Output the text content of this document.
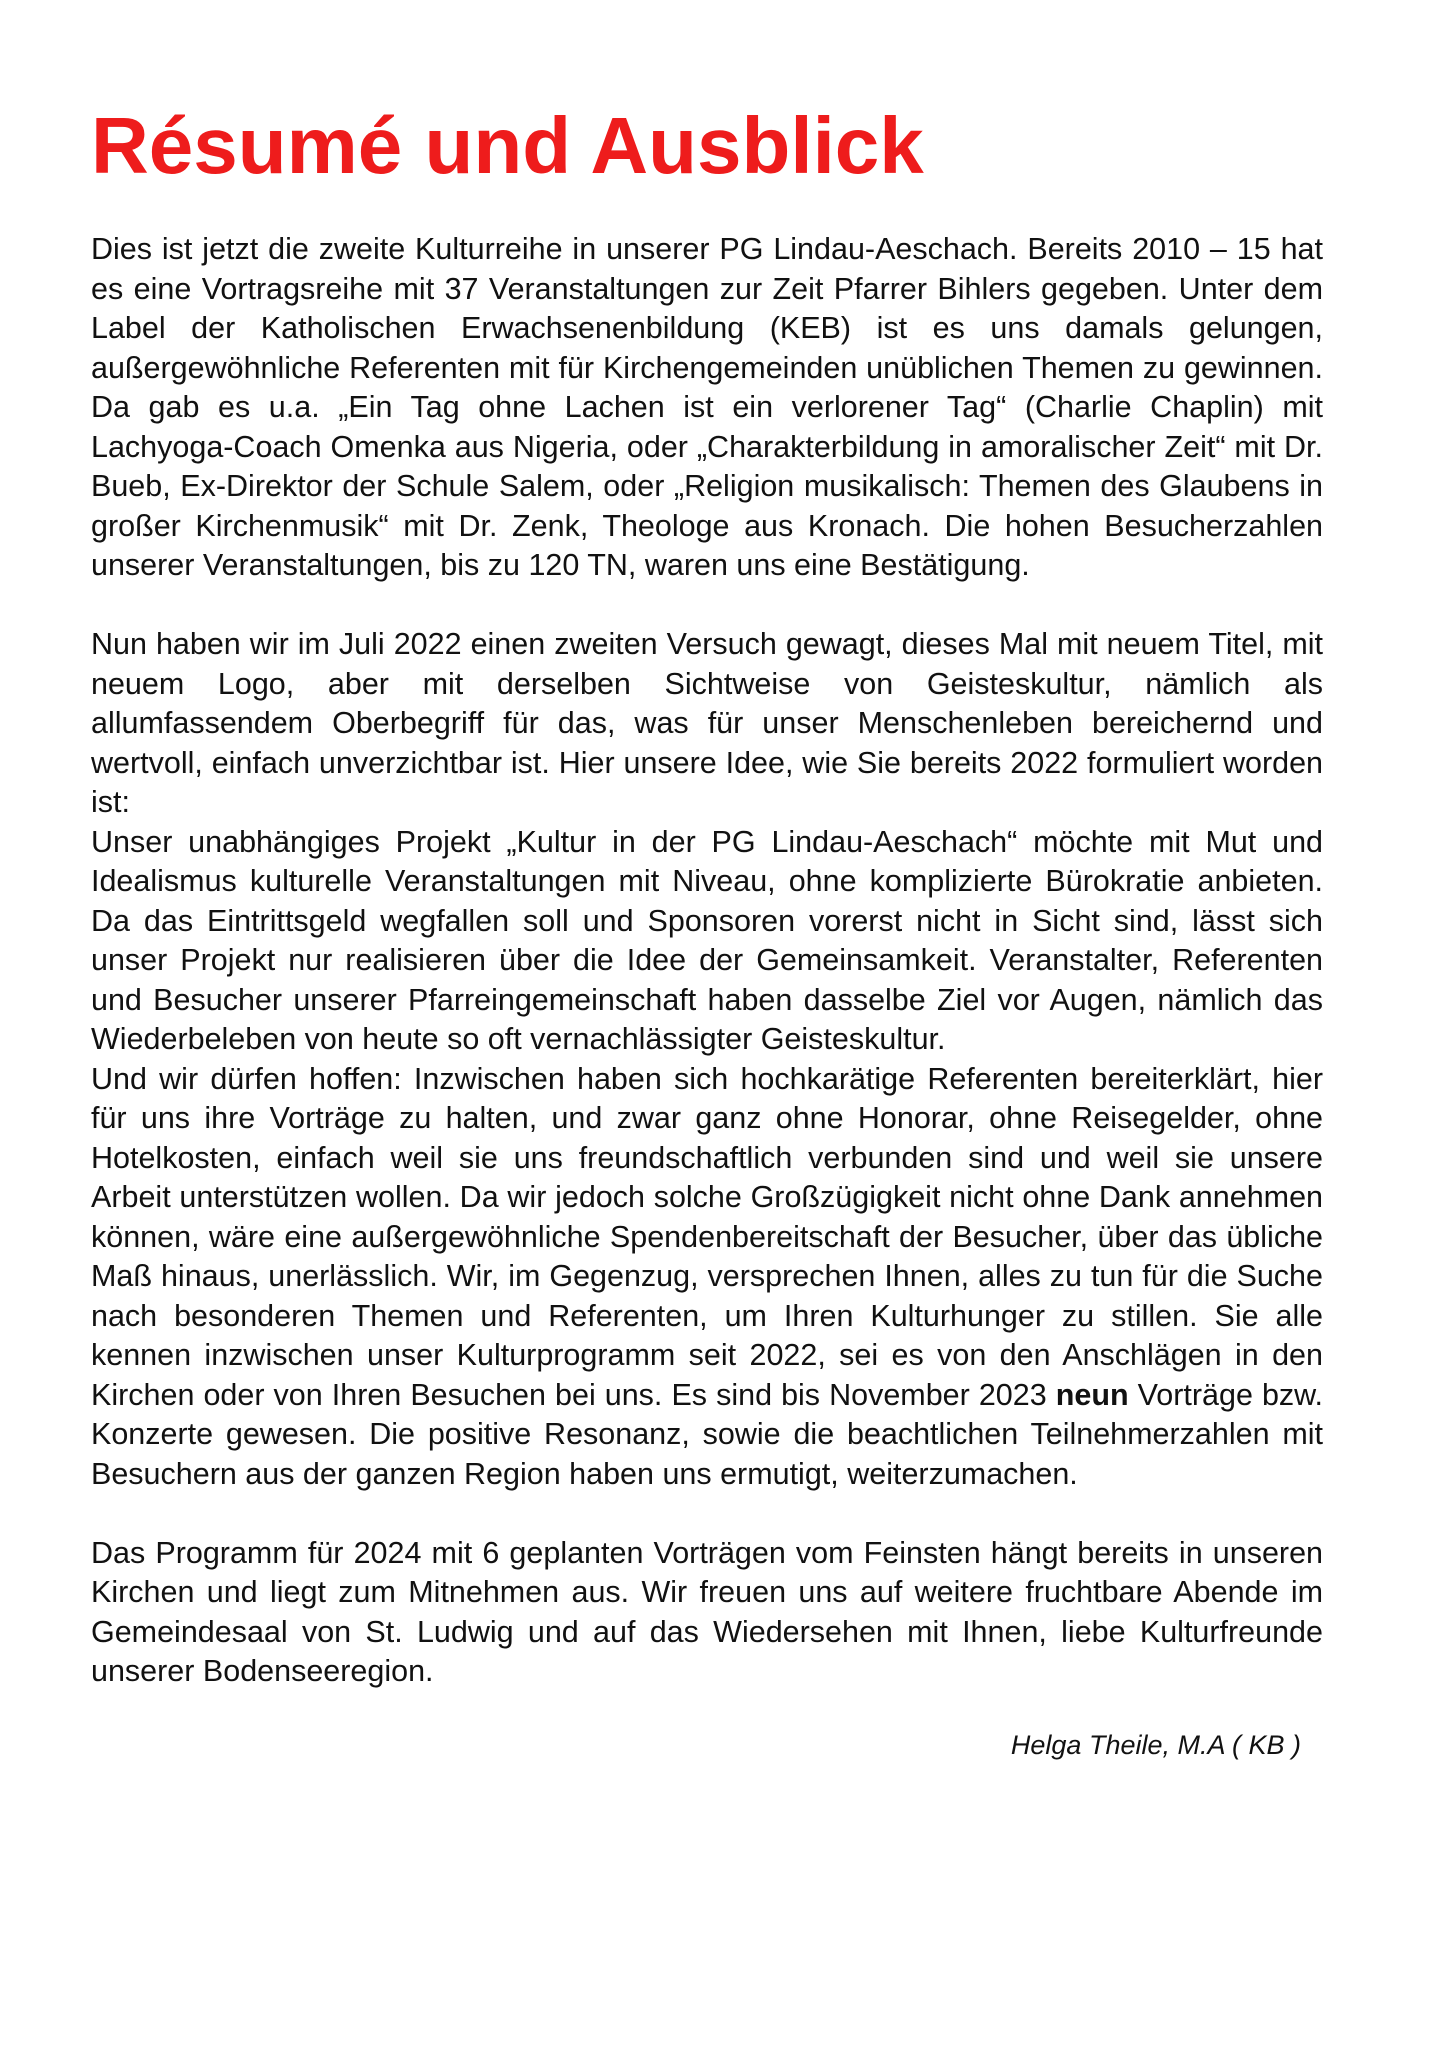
Résumé und Ausblick

Dies ist jetzt die zweite Kulturreihe in unserer PG Lindau-Aeschach. Bereits 2010 – 15 hat es eine Vortragsreihe mit 37 Veranstaltungen zur Zeit Pfarrer Bihlers gegeben. Unter dem Label der Katholischen Erwachsenenbildung (KEB) ist es uns damals gelungen, außergewöhnliche Referenten mit für Kirchengemeinden unüblichen Themen zu gewinnen. Da gab es u.a. „Ein Tag ohne Lachen ist ein verlorener Tag“ (Charlie Chaplin) mit Lachyoga-Coach Omenka aus Nigeria, oder „Charakterbildung in amoralischer Zeit“ mit Dr. Bueb, Ex-Direktor der Schule Salem, oder „Religion musikalisch: Themen des Glaubens in großer Kirchenmusik“ mit Dr. Zenk, Theologe aus Kronach. Die hohen Besucherzahlen unserer Veranstaltungen, bis zu 120 TN, waren uns eine Bestätigung.

Nun haben wir im Juli 2022 einen zweiten Versuch gewagt, dieses Mal mit neuem Titel, mit neuem Logo, aber mit derselben Sichtweise von Geisteskultur, nämlich als allumfassendem Oberbegriff für das, was für unser Menschenleben bereichernd und wertvoll, einfach unverzichtbar ist. Hier unsere Idee, wie Sie bereits 2022 formuliert worden ist:

Unser unabhängiges Projekt „Kultur in der PG Lindau-Aeschach“ möchte mit Mut und Idealismus kulturelle Veranstaltungen mit Niveau, ohne komplizierte Bürokratie anbieten. Da das Eintrittsgeld wegfallen soll und Sponsoren vorerst nicht in Sicht sind, lässt sich unser Projekt nur realisieren über die Idee der Gemeinsamkeit. Veranstalter, Referenten und Besucher unserer Pfarreingemeinschaft haben dasselbe Ziel vor Augen, nämlich das Wiederbeleben von heute so oft vernachlässigter Geisteskultur.

Und wir dürfen hoffen: Inzwischen haben sich hochkarätige Referenten bereiterklärt, hier für uns ihre Vorträge zu halten, und zwar ganz ohne Honorar, ohne Reisegelder, ohne Hotelkosten, einfach weil sie uns freundschaftlich verbunden sind und weil sie unsere Arbeit unterstützen wollen. Da wir jedoch solche Großzügigkeit nicht ohne Dank annehmen können, wäre eine außergewöhnliche Spendenbereitschaft der Besucher, über das übliche Maß hinaus, unerlässlich. Wir, im Gegenzug, versprechen Ihnen, alles zu tun für die Suche nach besonderen Themen und Referenten, um Ihren Kulturhunger zu stillen. Sie alle kennen inzwischen unser Kulturprogramm seit 2022, sei es von den Anschlägen in den Kirchen oder von Ihren Besuchen bei uns. Es sind bis November 2023 neun Vorträge bzw. Konzerte gewesen. Die positive Resonanz, sowie die beachtlichen Teilnehmerzahlen mit Besuchern aus der ganzen Region haben uns ermutigt, weiterzumachen.

Das Programm für 2024 mit 6 geplanten Vorträgen vom Feinsten hängt bereits in unseren Kirchen und liegt zum Mitnehmen aus. Wir freuen uns auf weitere fruchtbare Abende im Gemeindesaal von St. Ludwig und auf das Wiedersehen mit Ihnen, liebe Kulturfreunde unserer Bodenseeregion.

Helga Theile, M.A ( KB )
